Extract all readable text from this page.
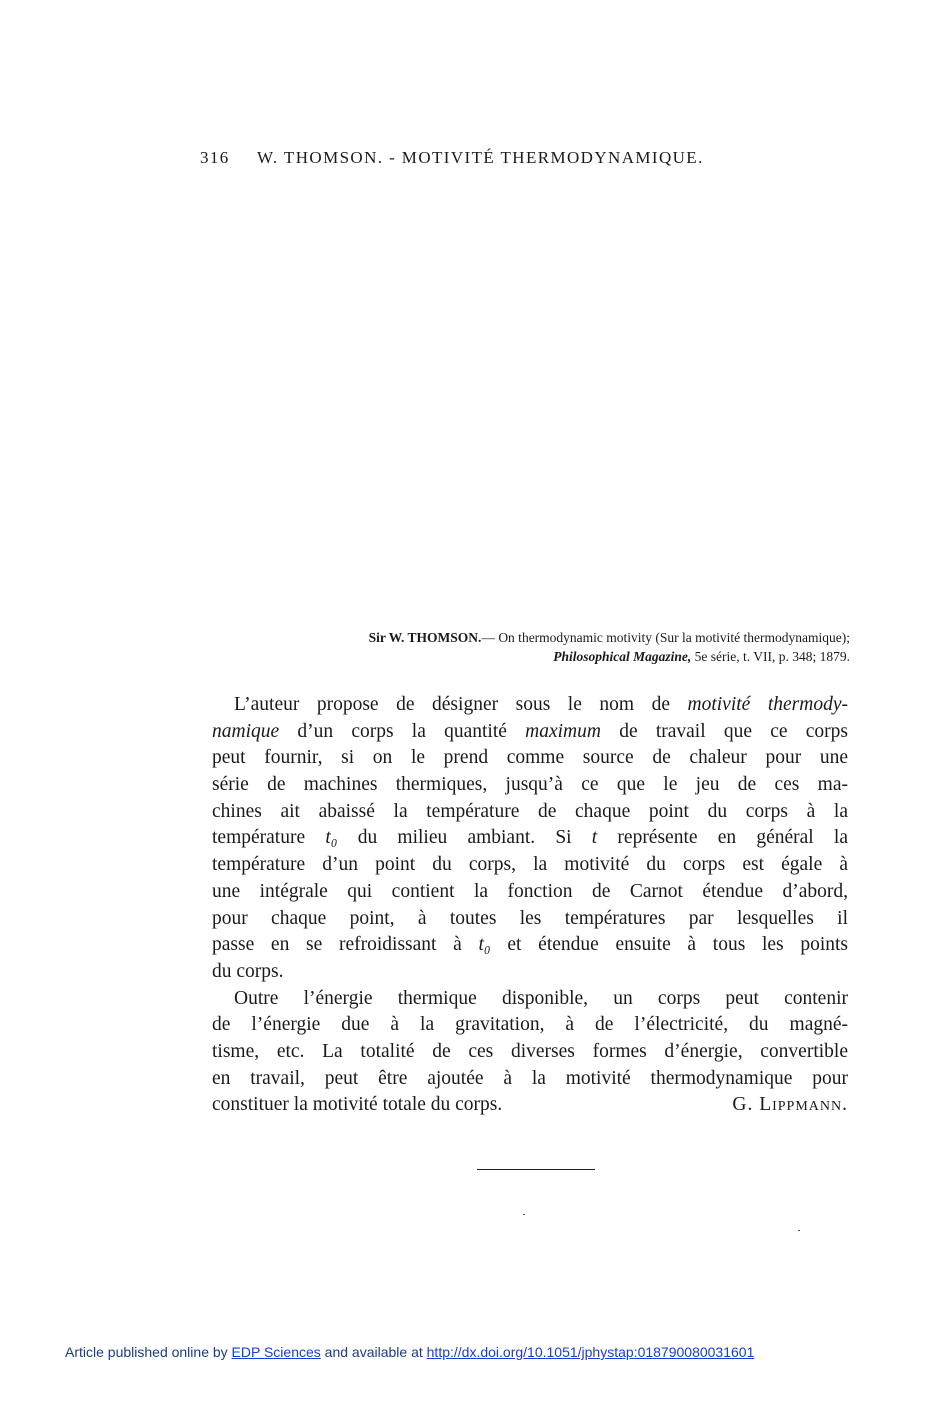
316 W. THOMSON. - MOTIVITÉ THERMODYNAMIQUE.
Sir W. THOMSON.— On thermodynamic motivity (Sur la motivité thermodynamique);
Philosophical Magazine, 5e série, t. VII, p. 348; 1879.
L’auteur propose de désigner sous le nom de motivité thermody-
namique d’un corps la quantité maximum de travail que ce corps
peut fournir, si on le prend comme source de chaleur pour une
série de machines thermiques, jusqu’à ce que le jeu de ces ma-
chines ait abaissé la température de chaque point du corps à la
température t₀ du milieu ambiant. Si t représente en général la
température d’un point du corps, la motivité du corps est égale à
une intégrale qui contient la fonction de Carnot étendue d’abord,
pour chaque point, à toutes les températures par lesquelles il
passe en se refroidissant à t₀ et étendue ensuite à tous les points
du corps.
Outre l’énergie thermique disponible, un corps peut contenir
de l’énergie due à la gravitation, à de l’électricité, du magné-
tisme, etc. La totalité de ces diverses formes d’énergie, convertible
en travail, peut être ajoutée à la motivité thermodynamique pour
constituer la motivité totale du corps.	G. Lippmann.
Article published online by EDP Sciences and available at http://dx.doi.org/10.1051/jphystap:018790080031601
